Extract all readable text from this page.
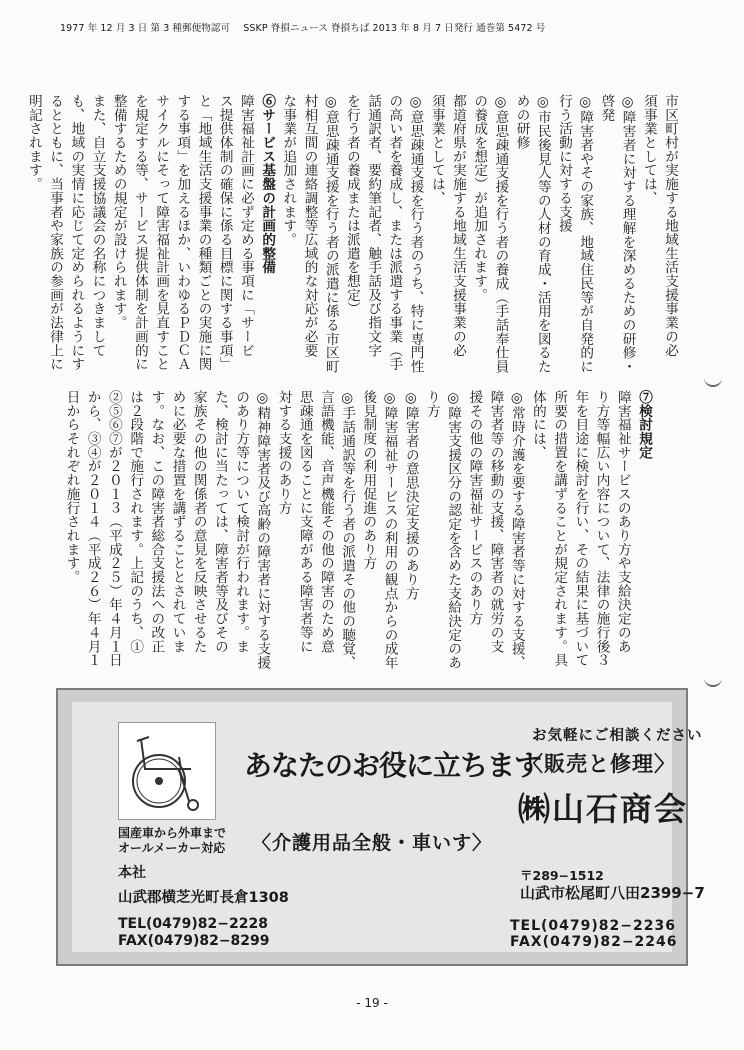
1977 年 12 月 3 日 第 3 種郵便物認可 SSKP 脊損ニュース 脊損ちば 2013 年 8 月 7 日発行 通巻第 5472 号

市区町村が実施する地域生活支援事業の必

須事業としては、

◎障害者に対する理解を深めるための研修・

啓発

◎障害者やその家族、地域住民等が自発的に

行う活動に対する支援

◎市民後見人等の人材の育成・活用を図るた

めの研修

◎意思疎通支援を行う者の養成（手話奉仕員

の養成を想定）が追加されます。

都道府県が実施する地域生活支援事業の必

須事業としては、

◎意思疎通支援を行う者のうち、特に専門性

の高い者を養成し、または派遣する事業（手

話通訳者、要約筆記者、触手話及び指文字

を行う者の養成または派遣を想定）

◎意思疎通支援を行う者の派遣に係る市区町

村相互間の連絡調整等広域的な対応が必要

な事業が追加されます。

⑥サービス基盤の計画的整備

障害福祉計画に必ず定める事項に「サービ

ス提供体制の確保に係る目標に関する事項」

と「地域生活支援事業の種類ごとの実施に関

する事項」を加えるほか、いわゆるＰＤＣＡ

サイクルにそって障害福祉計画を見直すこと

を規定する等、サービス提供体制を計画的に

整備するための規定が設けられます。

また、自立支援協議会の名称につきまして

も、地域の実情に応じて定められるようにす

るとともに、当事者や家族の参画が法律上に

明記されます。

⑦検討規定

障害福祉サービスのあり方や支給決定のあ

り方等幅広い内容について、法律の施行後３

年を目途に検討を行い、その結果に基づいて

所要の措置を講ずることが規定されます。具

体的には、

◎常時介護を要する障害者等に対する支援、

障害者等の移動の支援、障害者の就労の支

援その他の障害福祉サービスのあり方

◎障害支援区分の認定を含めた支給決定のあ

り方

◎障害者の意思決定支援のあり方

◎障害福祉サービスの利用の観点からの成年

後見制度の利用促進のあり方

◎手話通訳等を行う者の派遣その他の聴覚、

言語機能、音声機能その他の障害のため意

思疎通を図ることに支障がある障害者等に

対する支援のあり方

◎精神障害者及び高齢の障害者に対する支援

のあり方等について検討が行われます。ま

た、検討に当たっては、障害者等及びその

家族その他の関係者の意見を反映させるた

めに必要な措置を講ずることとされていま

す。なお、この障害者総合支援法への改正

は２段階で施行されます。上記のうち、①

②⑤⑥⑦が２０１３（平成２５）年４月１日

から、③④が２０１４（平成２６）年４月１

日からそれぞれ施行されます。

あなたのお役に立ちます
お気軽にご相談ください
〈販売と修理〉
㈱山石商会
〈介護用品全般・車いす〉
国産車から外車まで
オールメーカー対応
本社
山武郡横芝光町長倉1308
TEL(0479)82−2228
FAX(0479)82−8299
〒289−1512
山武市松尾町八田2399−7
TEL(0479)82−2236
FAX(0479)82−2246
- 19 -
